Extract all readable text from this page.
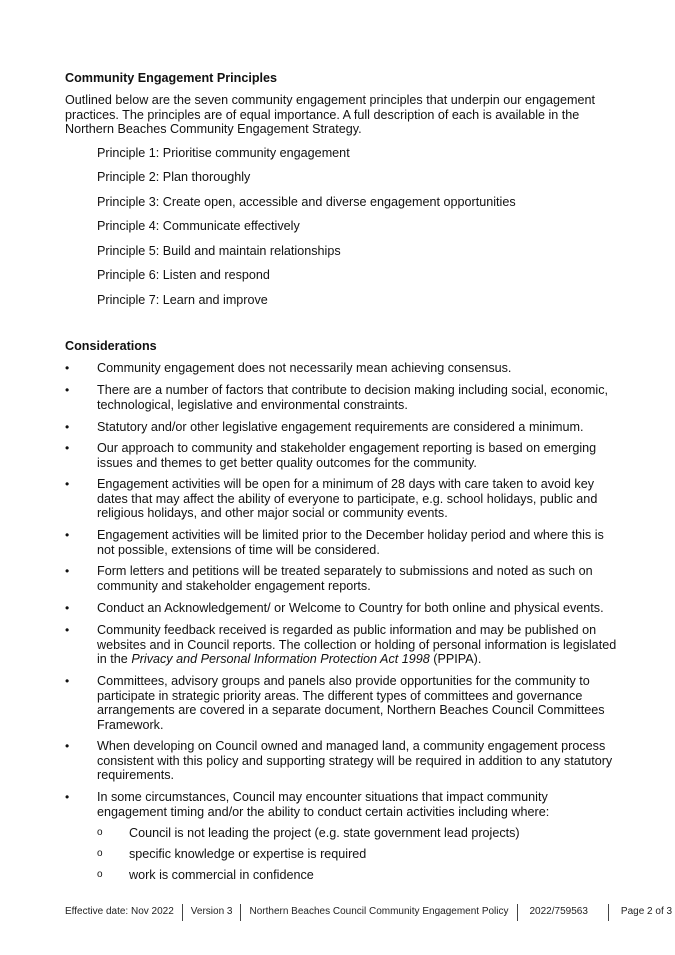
Community Engagement Principles
Outlined below are the seven community engagement principles that underpin our engagement practices. The principles are of equal importance. A full description of each is available in the Northern Beaches Community Engagement Strategy.
Principle 1: Prioritise community engagement
Principle 2: Plan thoroughly
Principle 3: Create open, accessible and diverse engagement opportunities
Principle 4: Communicate effectively
Principle 5: Build and maintain relationships
Principle 6: Listen and respond
Principle 7: Learn and improve
Considerations
•	Community engagement does not necessarily mean achieving consensus.
•	There are a number of factors that contribute to decision making including social, economic, technological, legislative and environmental constraints.
•	Statutory and/or other legislative engagement requirements are considered a minimum.
•	Our approach to community and stakeholder engagement reporting is based on emerging issues and themes to get better quality outcomes for the community.
•	Engagement activities will be open for a minimum of 28 days with care taken to avoid key dates that may affect the ability of everyone to participate, e.g. school holidays, public and religious holidays, and other major social or community events.
•	Engagement activities will be limited prior to the December holiday period and where this is not possible, extensions of time will be considered.
•	Form letters and petitions will be treated separately to submissions and noted as such on community and stakeholder engagement reports.
•	Conduct an Acknowledgement/ or Welcome to Country for both online and physical events.
•	Community feedback received is regarded as public information and may be published on websites and in Council reports. The collection or holding of personal information is legislated in the Privacy and Personal Information Protection Act 1998 (PPIPA).
•	Committees, advisory groups and panels also provide opportunities for the community to participate in strategic priority areas. The different types of committees and governance arrangements are covered in a separate document, Northern Beaches Council Committees Framework.
•	When developing on Council owned and managed land, a community engagement process consistent with this policy and supporting strategy will be required in addition to any statutory requirements.
•	In some circumstances, Council may encounter situations that impact community engagement timing and/or the ability to conduct certain activities including where:
o Council is not leading the project (e.g. state government lead projects)
o specific knowledge or expertise is required
o work is commercial in confidence
Effective date: Nov 2022	Version 3	Northern Beaches Council Community Engagement Policy	2022/759563	Page 2 of 3
